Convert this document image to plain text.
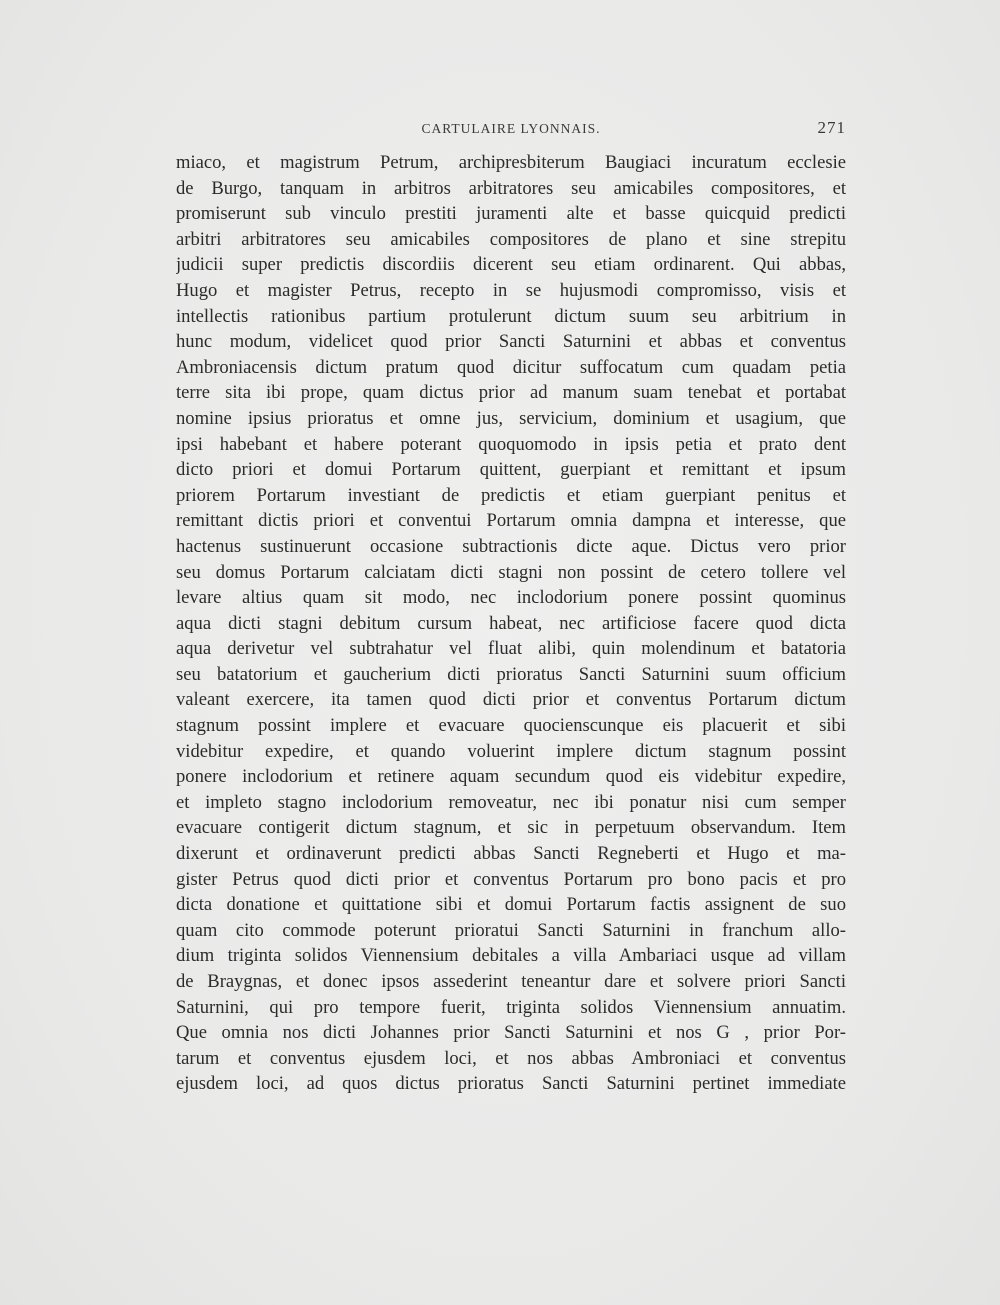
CARTULAIRE LYONNAIS.	271
miaco, et magistrum Petrum, archipresbiterum Baugiaci incuratum ecclesie
de Burgo, tanquam in arbitros arbitratores seu amicabiles compositores, et
promiserunt sub vinculo prestiti juramenti alte et basse quicquid predicti
arbitri arbitratores seu amicabiles compositores de plano et sine strepitu
judicii super predictis discordiis dicerent seu etiam ordinarent. Qui abbas,
Hugo et magister Petrus, recepto in se hujusmodi compromisso, visis et
intellectis rationibus partium protulerunt dictum suum seu arbitrium in
hunc modum, videlicet quod prior Sancti Saturnini et abbas et conventus
Ambroniacensis dictum pratum quod dicitur suffocatum cum quadam petia
terre sita ibi prope, quam dictus prior ad manum suam tenebat et portabat
nomine ipsius prioratus et omne jus, servicium, dominium et usagium, que
ipsi habebant et habere poterant quoquomodo in ipsis petia et prato dent
dicto priori et domui Portarum quittent, guerpiant et remittant et ipsum
priorem Portarum investiant de predictis et etiam guerpiant penitus et
remittant dictis priori et conventui Portarum omnia dampna et interesse, que
hactenus sustinuerunt occasione subtractionis dicte aque. Dictus vero prior
seu domus Portarum calciatam dicti stagni non possint de cetero tollere vel
levare altius quam sit modo, nec inclodorium ponere possint quominus
aqua dicti stagni debitum cursum habeat, nec artificiose facere quod dicta
aqua derivetur vel subtrahatur vel fluat alibi, quin molendinum et batatoria
seu batatorium et gaucherium dicti prioratus Sancti Saturnini suum officium
valeant exercere, ita tamen quod dicti prior et conventus Portarum dictum
stagnum possint implere et evacuare quocienscunque eis placuerit et sibi
videbitur expedire, et quando voluerint implere dictum stagnum possint
ponere inclodorium et retinere aquam secundum quod eis videbitur expedire,
et impleto stagno inclodorium removeatur, nec ibi ponatur nisi cum semper
evacuare contigerit dictum stagnum, et sic in perpetuum observandum. Item
dixerunt et ordinaverunt predicti abbas Sancti Regneberti et Hugo et ma-
gister Petrus quod dicti prior et conventus Portarum pro bono pacis et pro
dicta donatione et quittatione sibi et domui Portarum factis assignent de suo
quam cito commode poterunt prioratui Sancti Saturnini in franchum allo-
dium triginta solidos Viennensium debitales a villa Ambariaci usque ad villam
de Braygnas, et donec ipsos assederint teneantur dare et solvere priori Sancti
Saturnini, qui pro tempore fuerit, triginta solidos Viennensium annuatim.
Que omnia nos dicti Johannes prior Sancti Saturnini et nos G , prior Por-
tarum et conventus ejusdem loci, et nos abbas Ambroniaci et conventus
ejusdem loci, ad quos dictus prioratus Sancti Saturnini pertinet immediate
